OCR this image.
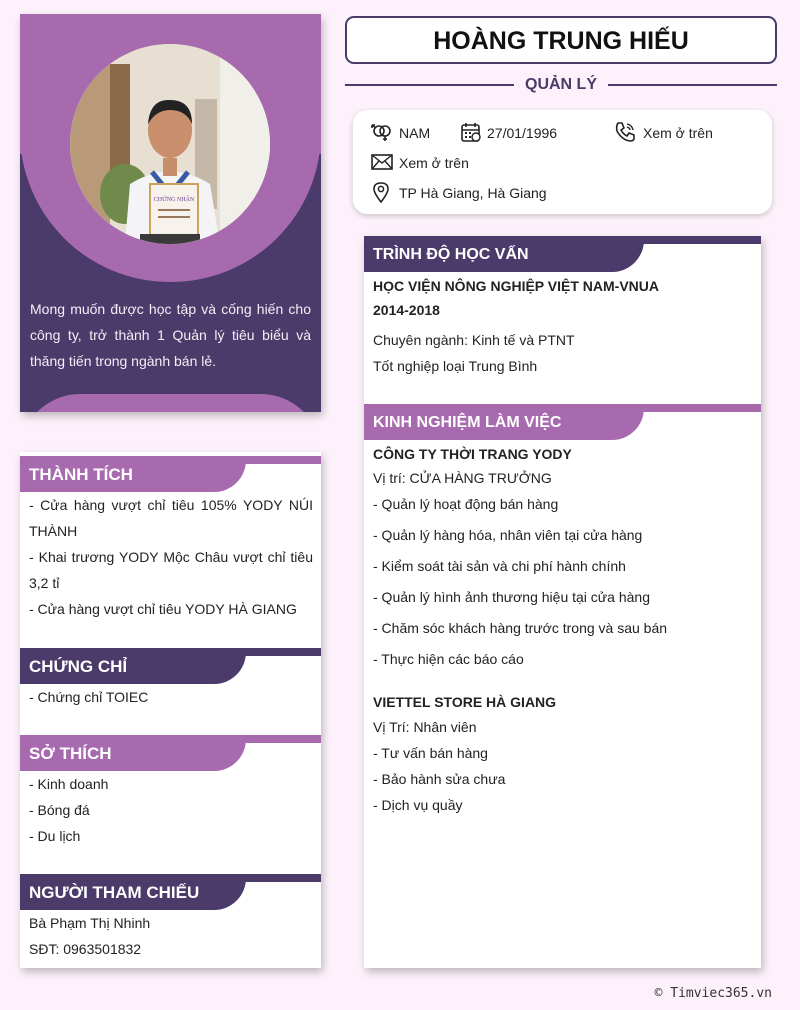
CHỨNG NHẬN
Mong muốn được học tập và cống hiến cho công ty, trở thành 1 Quản lý tiêu biểu và thăng tiến trong ngành bán lẻ.
THÀNH TÍCH
- Cửa hàng vượt chỉ tiêu 105% YODY NÚI THÀNH
- Khai trương YODY Mộc Châu vượt chỉ tiêu 3,2 tỉ
- Cửa hàng vượt chỉ tiêu YODY HÀ GIANG
CHỨNG CHỈ
- Chứng chỉ TOIEC
SỞ THÍCH
- Kinh doanh
- Bóng đá
- Du lịch
NGƯỜI THAM CHIẾU
Bà Phạm Thị Nhinh
SĐT: 0963501832
HOÀNG TRUNG HIẾU
QUẢN LÝ
NAM	27/01/1996	Xem ở trên
Xem ở trên
TP Hà Giang, Hà Giang
TRÌNH ĐỘ HỌC VẤN
HỌC VIỆN NÔNG NGHIỆP VIỆT NAM-VNUA
2014-2018
Chuyên ngành: Kinh tế và PTNT
Tốt nghiệp loại Trung Bình
KINH NGHIỆM LÀM VIỆC
CÔNG TY THỜI TRANG YODY
Vị trí: CỬA HÀNG TRƯỞNG
- Quản lý hoạt động bán hàng
- Quản lý hàng hóa, nhân viên tại cửa hàng
- Kiểm soát tài sản và chi phí hành chính
- Quản lý hình ảnh thương hiệu tại cửa hàng
- Chăm sóc khách hàng trước trong và sau bán
- Thực hiện các báo cáo
VIETTEL STORE HÀ GIANG
Vị Trí: Nhân viên
- Tư vấn bán hàng
- Bảo hành sửa chưa
- Dịch vụ quầy
© Timviec365.vn
